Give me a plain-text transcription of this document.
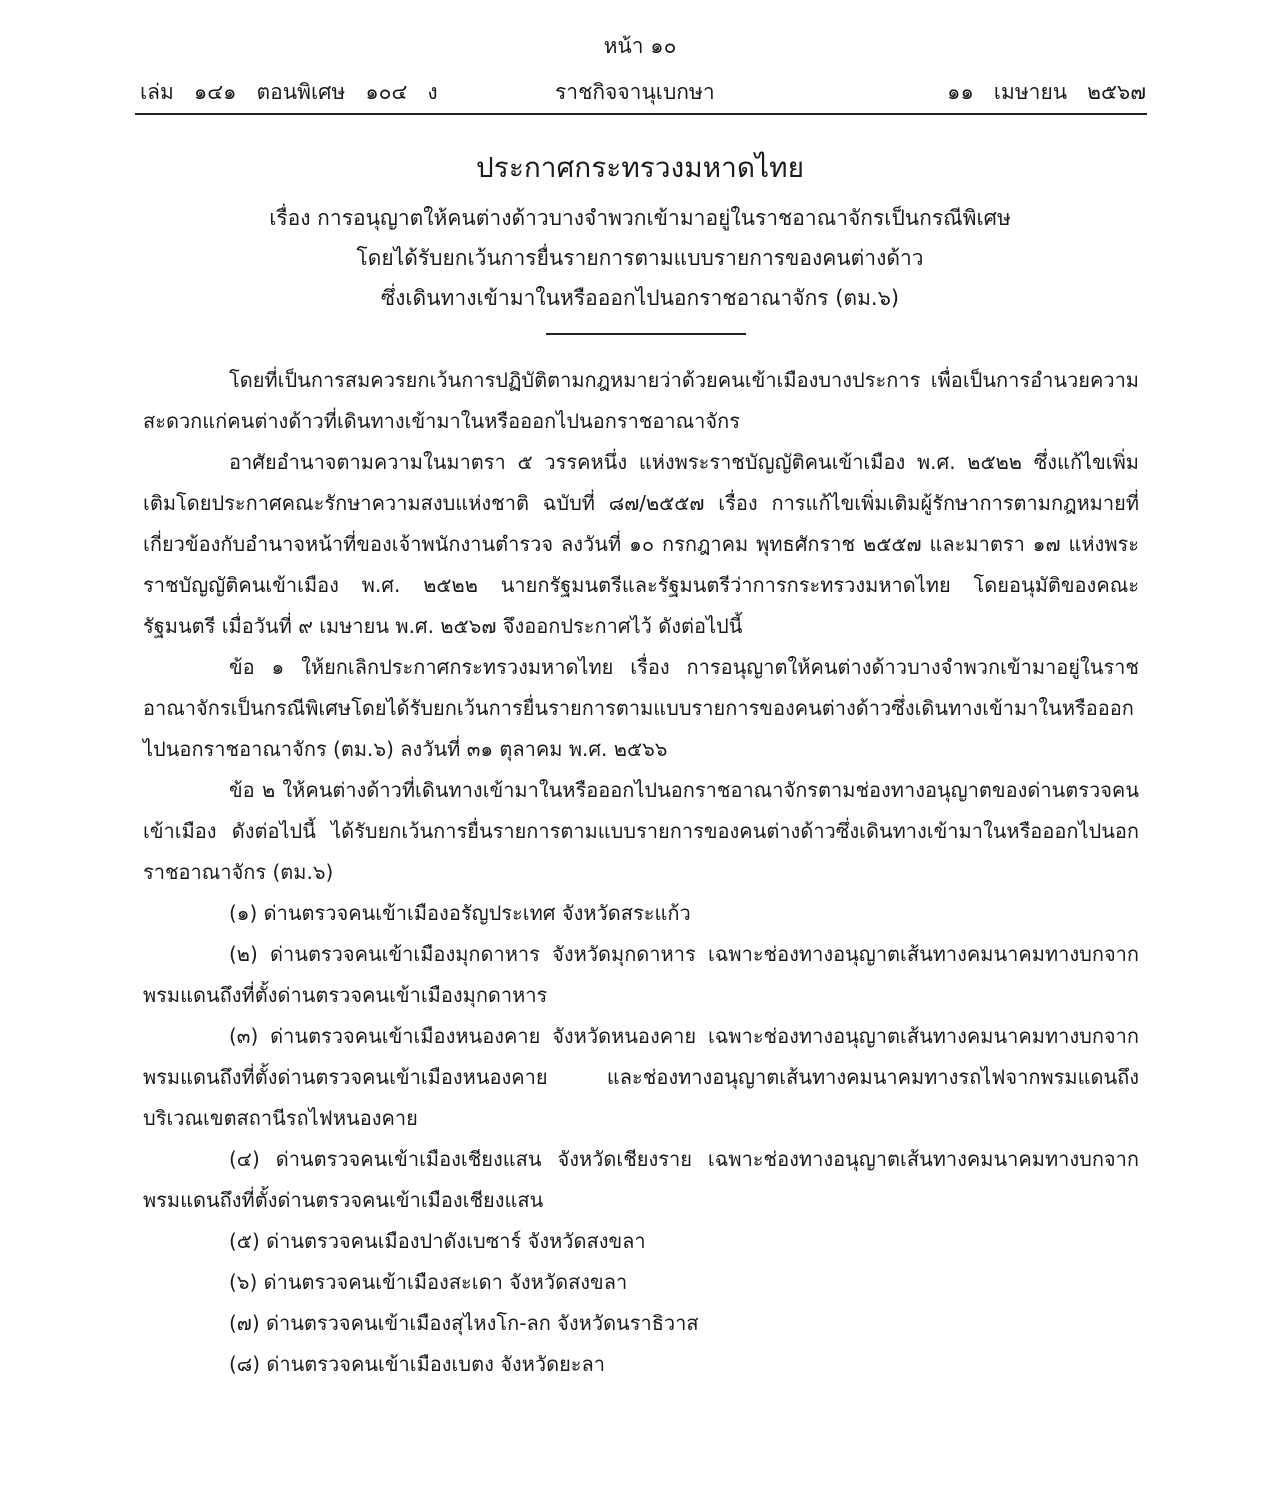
หน้า ๑๐
เล่ม   ๑๔๑   ตอนพิเศษ   ๑๐๔   ง	ราชกิจจานุเบกษา	๑๑   เมษายน   ๒๕๖๗
ประกาศกระทรวงมหาดไทย
เรื่อง การอนุญาตให้คนต่างด้าวบางจำพวกเข้ามาอยู่ในราชอาณาจักรเป็นกรณีพิเศษ
โดยได้รับยกเว้นการยื่นรายการตามแบบรายการของคนต่างด้าว
ซึ่งเดินทางเข้ามาในหรือออกไปนอกราชอาณาจักร (ตม.๖)

โดยที่เป็นการสมควรยกเว้นการปฏิบัติตามกฎหมายว่าด้วยคนเข้าเมืองบางประการ เพื่อเป็นการอำนวยความสะดวกแก่คนต่างด้าวที่เดินทางเข้ามาในหรือออกไปนอกราชอาณาจักร

อาศัยอำนาจตามความในมาตรา ๕ วรรคหนึ่ง แห่งพระราชบัญญัติคนเข้าเมือง พ.ศ. ๒๕๒๒ ซึ่งแก้ไขเพิ่มเติมโดยประกาศคณะรักษาความสงบแห่งชาติ ฉบับที่ ๘๗/๒๕๕๗ เรื่อง การแก้ไขเพิ่มเติมผู้รักษาการตามกฎหมายที่เกี่ยวข้องกับอำนาจหน้าที่ของเจ้าพนักงานตำรวจ ลงวันที่ ๑๐ กรกฎาคม พุทธศักราช ๒๕๕๗ และมาตรา ๑๗ แห่งพระราชบัญญัติคนเข้าเมือง พ.ศ. ๒๕๒๒ นายกรัฐมนตรีและรัฐมนตรีว่าการกระทรวงมหาดไทย โดยอนุมัติของคณะรัฐมนตรี เมื่อวันที่ ๙ เมษายน พ.ศ. ๒๕๖๗ จึงออกประกาศไว้ ดังต่อไปนี้

ข้อ ๑ ให้ยกเลิกประกาศกระทรวงมหาดไทย เรื่อง การอนุญาตให้คนต่างด้าวบางจำพวกเข้ามาอยู่ในราชอาณาจักรเป็นกรณีพิเศษโดยได้รับยกเว้นการยื่นรายการตามแบบรายการของคนต่างด้าวซึ่งเดินทางเข้ามาในหรือออกไปนอกราชอาณาจักร (ตม.๖) ลงวันที่ ๓๑ ตุลาคม พ.ศ. ๒๕๖๖

ข้อ ๒ ให้คนต่างด้าวที่เดินทางเข้ามาในหรือออกไปนอกราชอาณาจักรตามช่องทางอนุญาตของด่านตรวจคนเข้าเมือง ดังต่อไปนี้ ได้รับยกเว้นการยื่นรายการตามแบบรายการของคนต่างด้าวซึ่งเดินทางเข้ามาในหรือออกไปนอกราชอาณาจักร (ตม.๖)

(๑) ด่านตรวจคนเข้าเมืองอรัญประเทศ จังหวัดสระแก้ว

(๒) ด่านตรวจคนเข้าเมืองมุกดาหาร จังหวัดมุกดาหาร เฉพาะช่องทางอนุญาตเส้นทางคมนาคมทางบกจากพรมแดนถึงที่ตั้งด่านตรวจคนเข้าเมืองมุกดาหาร

(๓) ด่านตรวจคนเข้าเมืองหนองคาย จังหวัดหนองคาย เฉพาะช่องทางอนุญาตเส้นทางคมนาคมทางบกจากพรมแดนถึงที่ตั้งด่านตรวจคนเข้าเมืองหนองคาย และช่องทางอนุญาตเส้นทางคมนาคมทางรถไฟจากพรมแดนถึงบริเวณเขตสถานีรถไฟหนองคาย

(๔) ด่านตรวจคนเข้าเมืองเชียงแสน จังหวัดเชียงราย เฉพาะช่องทางอนุญาตเส้นทางคมนาคมทางบกจากพรมแดนถึงที่ตั้งด่านตรวจคนเข้าเมืองเชียงแสน

(๕) ด่านตรวจคนเมืองปาดังเบซาร์ จังหวัดสงขลา

(๖) ด่านตรวจคนเข้าเมืองสะเดา จังหวัดสงขลา

(๗) ด่านตรวจคนเข้าเมืองสุไหงโก-ลก จังหวัดนราธิวาส

(๘) ด่านตรวจคนเข้าเมืองเบตง จังหวัดยะลา
